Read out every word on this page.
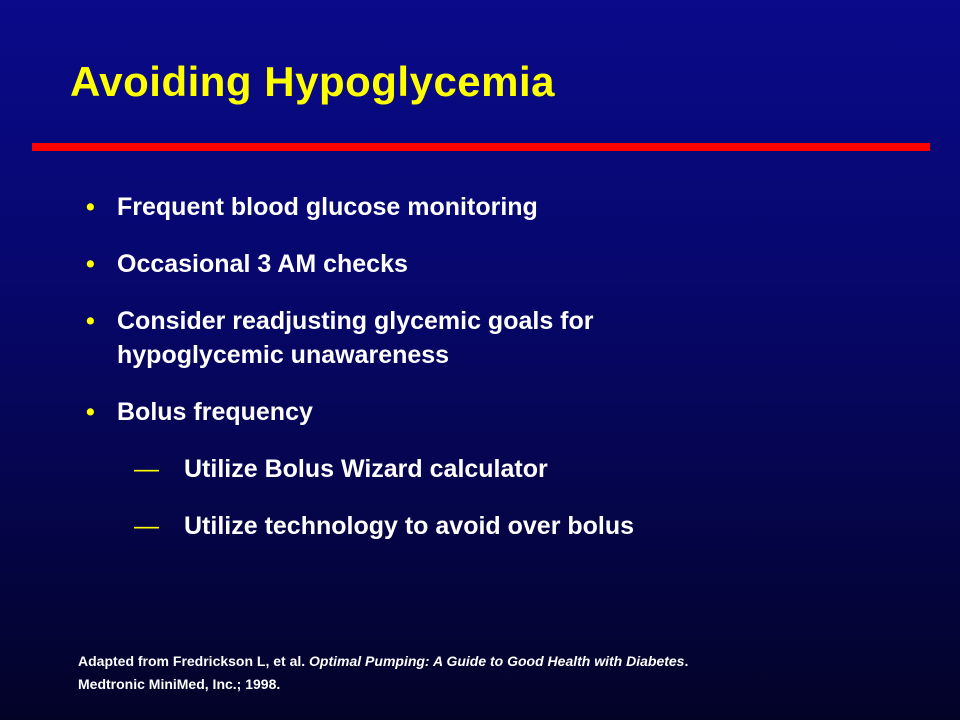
Avoiding Hypoglycemia
• Frequent blood glucose monitoring
• Occasional 3 AM checks
• Consider readjusting glycemic goals for hypoglycemic unawareness
• Bolus frequency
—	Utilize Bolus Wizard calculator
—	Utilize technology to avoid over bolus
Adapted from Fredrickson L, et al. Optimal Pumping: A Guide to Good Health with Diabetes.
Medtronic MiniMed, Inc.; 1998.
